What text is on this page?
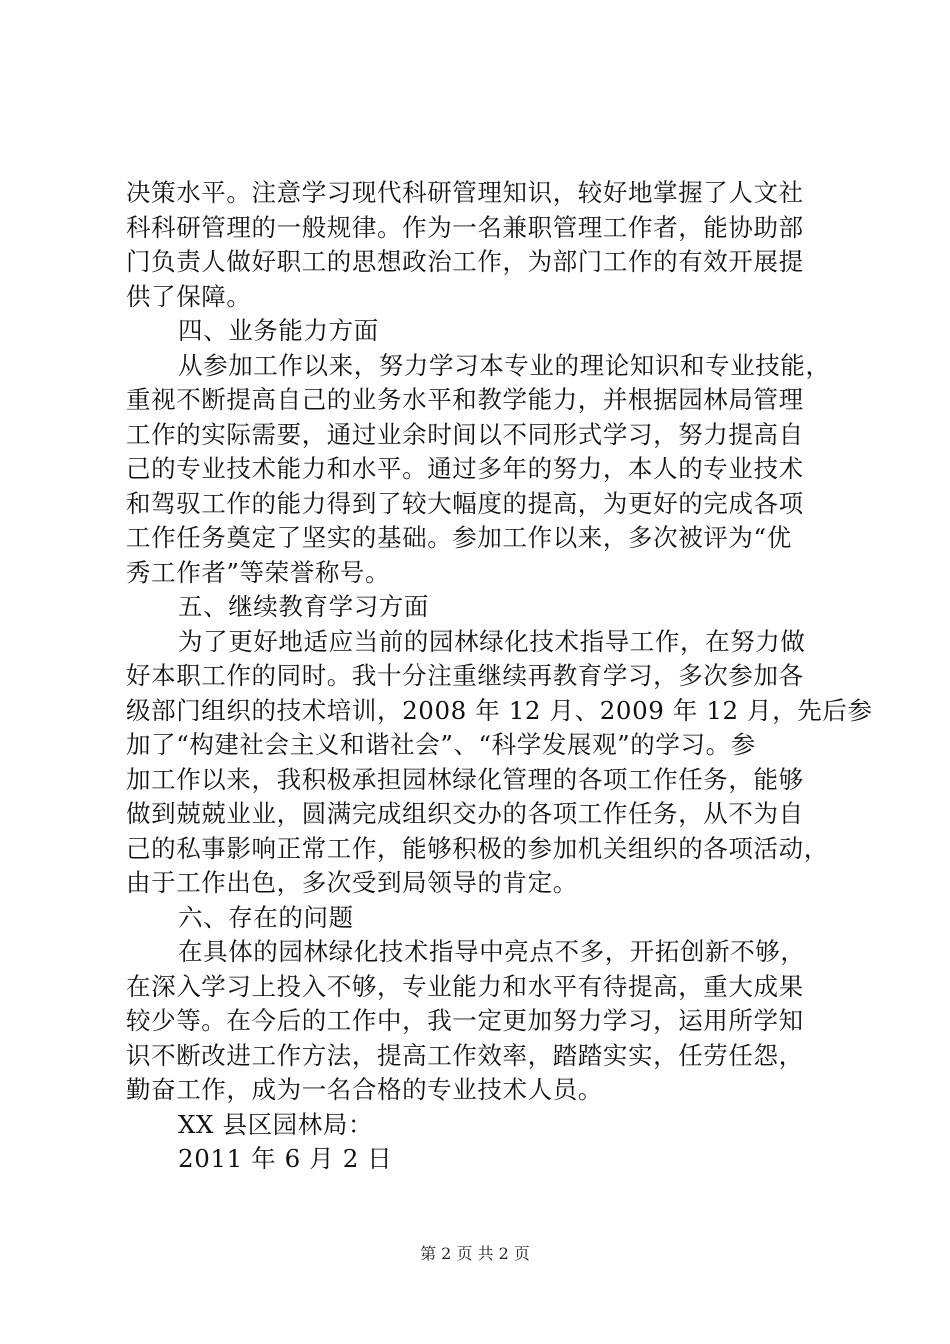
决策水平。注意学习现代科研管理知识，较好地掌握了人文社
科科研管理的一般规律。作为一名兼职管理工作者，能协助部
门负责人做好职工的思想政治工作，为部门工作的有效开展提
供了保障。
四、业务能力方面
从参加工作以来，努力学习本专业的理论知识和专业技能，
重视不断提高自己的业务水平和教学能力，并根据园林局管理
工作的实际需要，通过业余时间以不同形式学习，努力提高自
己的专业技术能力和水平。通过多年的努力，本人的专业技术
和驾驭工作的能力得到了较大幅度的提高，为更好的完成各项
工作任务奠定了坚实的基础。参加工作以来，多次被评为“优
秀工作者”等荣誉称号。
五、继续教育学习方面
为了更好地适应当前的园林绿化技术指导工作，在努力做
好本职工作的同时。我十分注重继续再教育学习，多次参加各
级部门组织的技术培训，2008 年 12 月、2009 年 12 月，先后参
加了“构建社会主义和谐社会”、“科学发展观”的学习。参
加工作以来，我积极承担园林绿化管理的各项工作任务，能够
做到兢兢业业，圆满完成组织交办的各项工作任务，从不为自
己的私事影响正常工作，能够积极的参加机关组织的各项活动，
由于工作出色，多次受到局领导的肯定。
六、存在的问题
在具体的园林绿化技术指导中亮点不多，开拓创新不够，
在深入学习上投入不够，专业能力和水平有待提高，重大成果
较少等。在今后的工作中，我一定更加努力学习，运用所学知
识不断改进工作方法，提高工作效率，踏踏实实，任劳任怨，
勤奋工作，成为一名合格的专业技术人员。
XX 县区园林局：
2011 年 6 月 2 日
第 2 页 共 2 页
